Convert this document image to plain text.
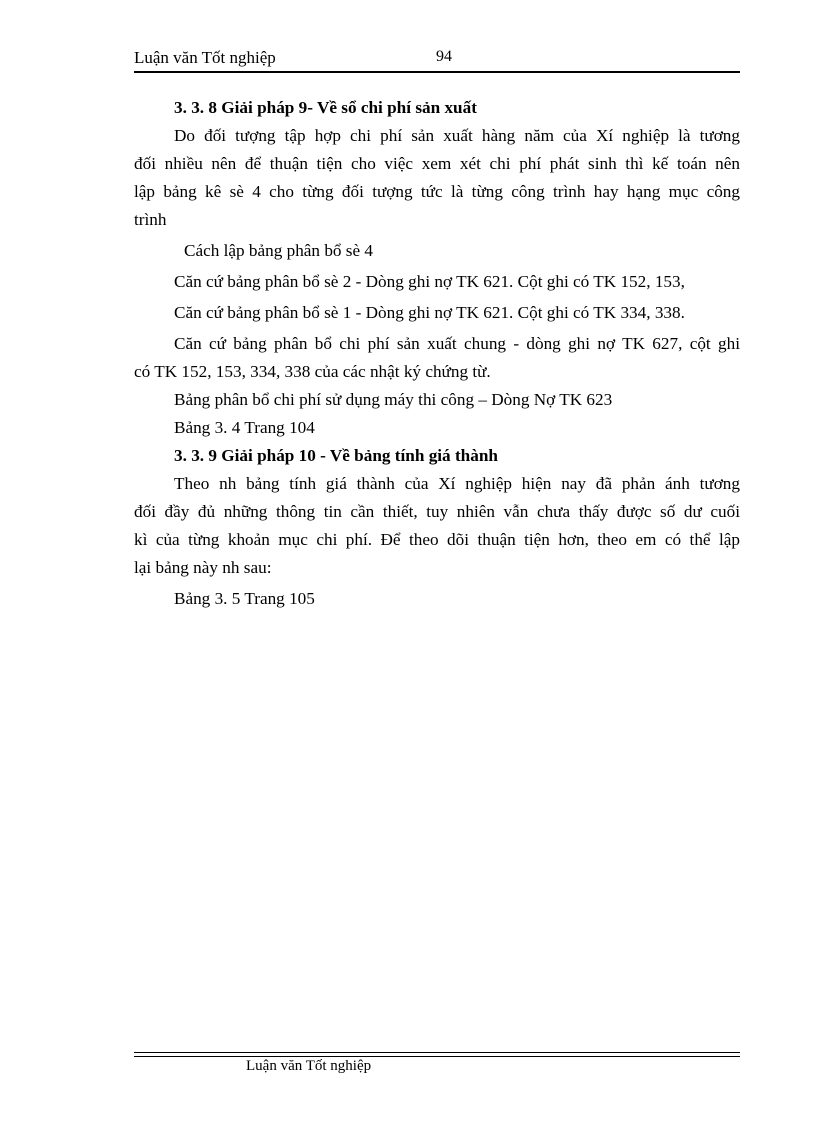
Luận văn Tốt nghiệp	94
3. 3. 8 Giải pháp 9- Về sổ chi phí sản xuất
Do đối tượng tập hợp chi phí sản xuất hàng năm của Xí nghiệp là tương
đối nhiều nên để thuận tiện cho việc xem xét chi phí phát sinh thì kế toán nên
lập bảng kê sè 4 cho từng đối tượng tức là từng công trình hay hạng mục công
trình
Cách lập bảng phân bổ sè 4
Căn cứ bảng phân bổ sè 2 - Dòng ghi nợ TK 621. Cột ghi có TK 152, 153,
Căn cứ bảng phân bổ sè 1 - Dòng ghi nợ TK 621. Cột ghi có TK 334, 338.
Căn cứ bảng phân bổ chi phí sản xuất chung - dòng ghi nợ TK 627, cột ghi
có TK 152, 153, 334, 338 của các nhật ký chứng từ.
Bảng phân bổ chi phí sử dụng máy thi công – Dòng Nợ TK 623
Bảng 3. 4 Trang 104
3. 3. 9 Giải pháp 10 - Về bảng tính giá thành
Theo nh bảng tính giá thành của Xí nghiệp hiện nay đã phản ánh tương
đối đầy đủ những thông tin cần thiết, tuy nhiên vẫn chưa thấy được số dư cuối
kì của từng khoản mục chi phí. Để theo dõi thuận tiện hơn, theo em có thể lập
lại bảng này nh sau:
Bảng 3. 5 Trang 105
Luận văn Tốt nghiệp
